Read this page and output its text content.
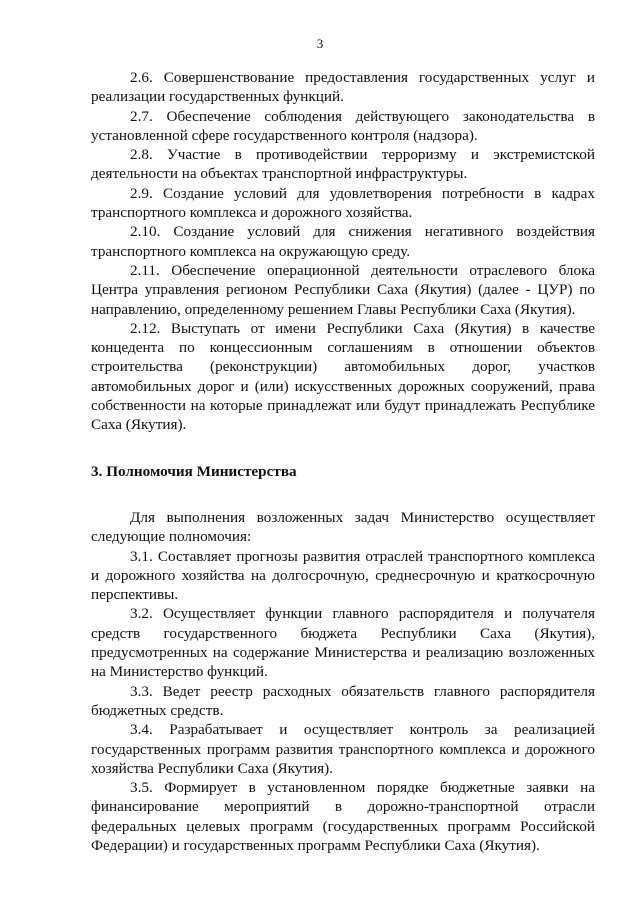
3

2.6. Совершенствование предоставления государственных услуг и реализации государственных функций.

2.7. Обеспечение соблюдения действующего законодательства в установленной сфере государственного контроля (надзора).

2.8. Участие в противодействии терроризму и экстремистской деятельности на объектах транспортной инфраструктуры.

2.9. Создание условий для удовлетворения потребности в кадрах транспортного комплекса и дорожного хозяйства.

2.10. Создание условий для снижения негативного воздействия транспортного комплекса на окружающую среду.

2.11. Обеспечение операционной деятельности отраслевого блока Центра управления регионом Республики Саха (Якутия) (далее - ЦУР) по направлению, определенному решением Главы Республики Саха (Якутия).

2.12. Выступать от имени Республики Саха (Якутия) в качестве концедента по концессионным соглашениям в отношении объектов строительства (реконструкции) автомобильных дорог, участков автомобильных дорог и (или) искусственных дорожных сооружений, права собственности на которые принадлежат или будут принадлежать Республике Саха (Якутия).

3. Полномочия Министерства

Для выполнения возложенных задач Министерство осуществляет следующие полномочия:

3.1. Составляет прогнозы развития отраслей транспортного комплекса и дорожного хозяйства на долгосрочную, среднесрочную и краткосрочную перспективы.

3.2. Осуществляет функции главного распорядителя и получателя средств государственного бюджета Республики Саха (Якутия), предусмотренных на содержание Министерства и реализацию возложенных на Министерство функций.

3.3. Ведет реестр расходных обязательств главного распорядителя бюджетных средств.

3.4. Разрабатывает и осуществляет контроль за реализацией государственных программ развития транспортного комплекса и дорожного хозяйства Республики Саха (Якутия).

3.5. Формирует в установленном порядке бюджетные заявки на финансирование мероприятий в дорожно-транспортной отрасли федеральных целевых программ (государственных программ Российской Федерации) и государственных программ Республики Саха (Якутия).
